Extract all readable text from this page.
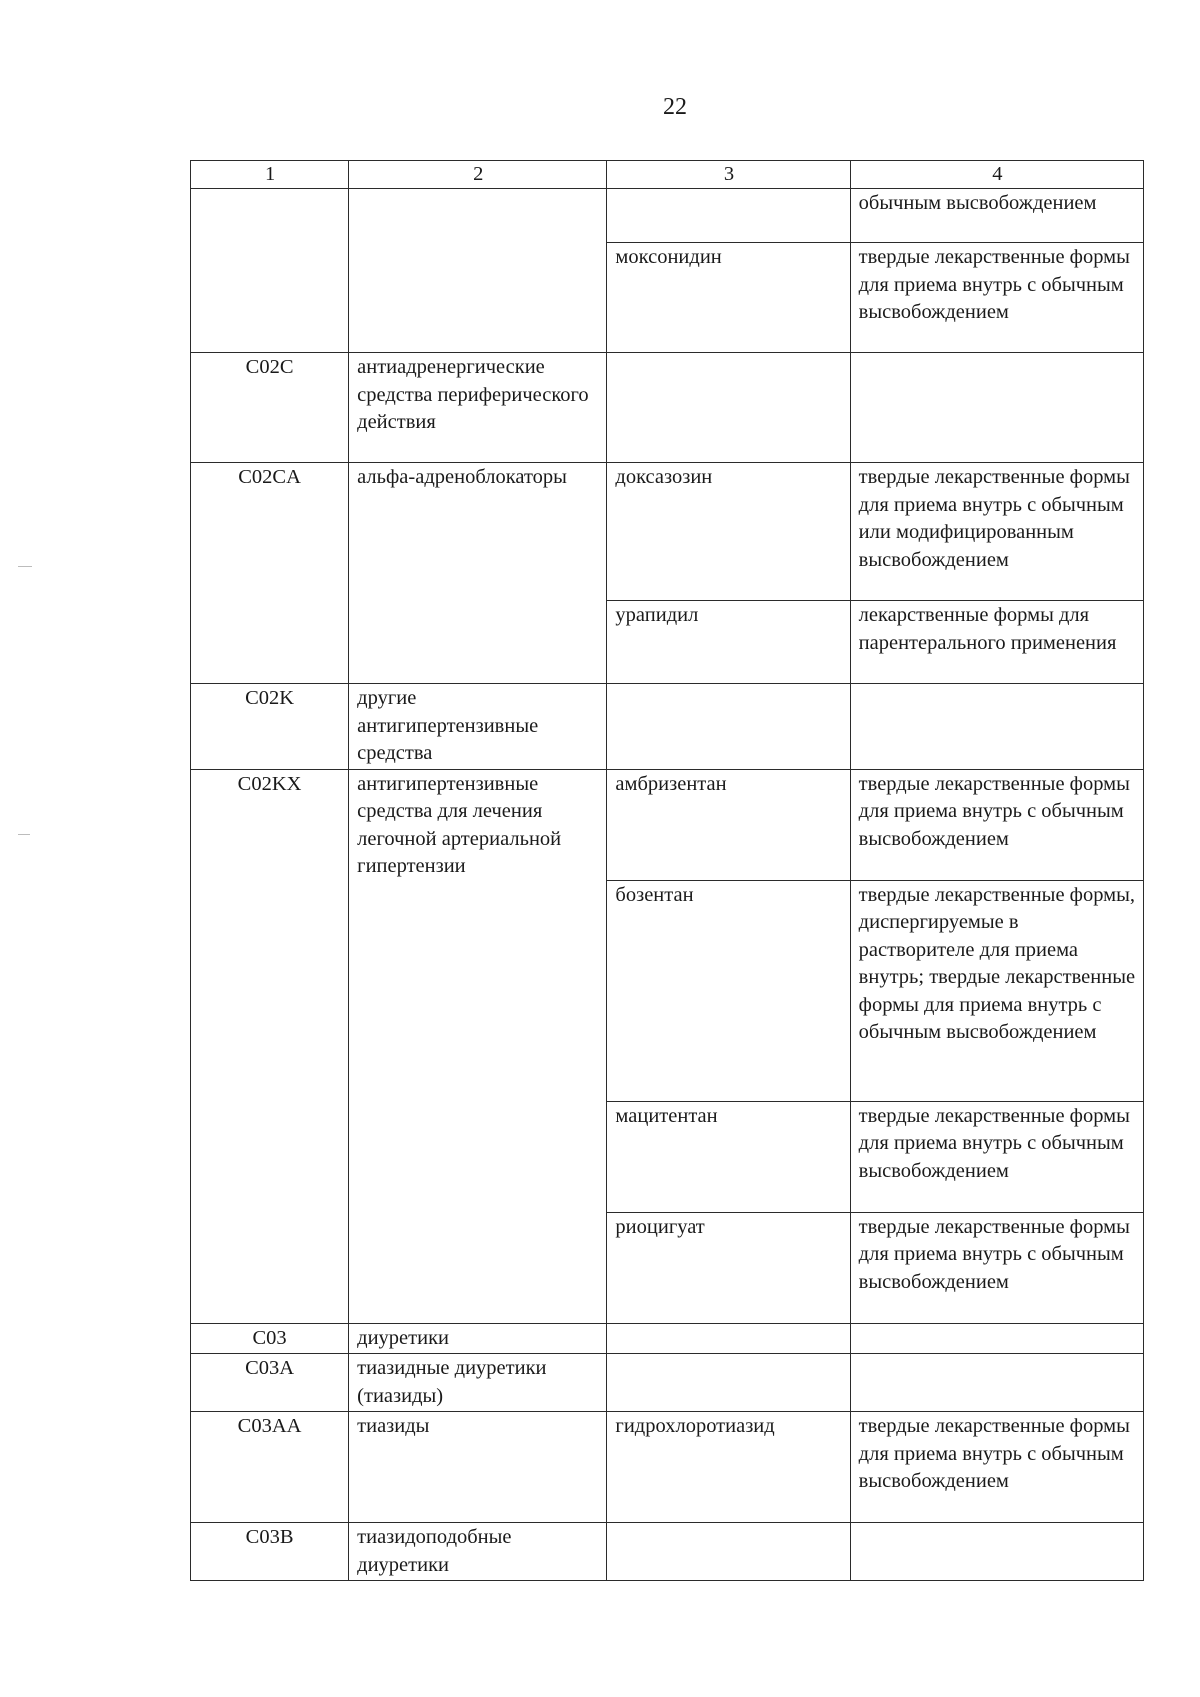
22
1	2	3	4
			обычным высвобождением
		моксонидин	твердые лекарственные формы для приема внутрь с обычным высвобождением
C02C	антиадренергические средства периферического действия		
C02CA	альфа-адреноблокаторы	доксазозин	твердые лекарственные формы для приема внутрь с обычным или модифицированным высвобождением
		урапидил	лекарственные формы для парентерального применения
C02K	другие антигипертензивные средства		
C02KX	антигипертензивные средства для лечения легочной артериальной гипертензии	амбризентан	твердые лекарственные формы для приема внутрь с обычным высвобождением
		бозентан	твердые лекарственные формы, диспергируемые в растворителе для приема внутрь; твердые лекарственные формы для приема внутрь с обычным высвобождением
		мацитентан	твердые лекарственные формы для приема внутрь с обычным высвобождением
		риоцигуат	твердые лекарственные формы для приема внутрь с обычным высвобождением
C03	диуретики		
C03A	тиазидные диуретики (тиазиды)		
C03AA	тиазиды	гидрохлоротиазид	твердые лекарственные формы для приема внутрь с обычным высвобождением
C03B	тиазидоподобные диуретики		
